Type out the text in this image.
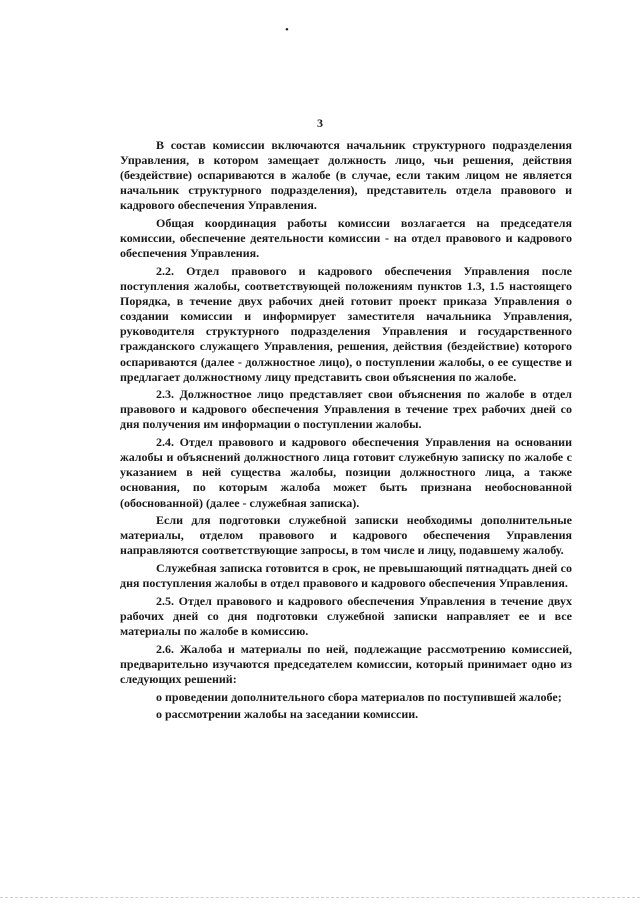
•
3

В состав комиссии включаются начальник структурного подразделения Управления, в котором замещает должность лицо, чьи решения, действия (бездействие) оспариваются в жалобе (в случае, если таким лицом не является начальник структурного подразделения), представитель отдела правового и кадрового обеспечения Управления.

Общая координация работы комиссии возлагается на председателя комиссии, обеспечение деятельности комиссии - на отдел правового и кадрового обеспечения Управления.

2.2. Отдел правового и кадрового обеспечения Управления после поступления жалобы, соответствующей положениям пунктов 1.3, 1.5 настоящего Порядка, в течение двух рабочих дней готовит проект приказа Управления о создании комиссии и информирует заместителя начальника Управления, руководителя структурного подразделения Управления и государственного гражданского служащего Управления, решения, действия (бездействие) которого оспариваются (далее - должностное лицо), о поступлении жалобы, о ее существе и предлагает должностному лицу представить свои объяснения по жалобе.

2.3. Должностное лицо представляет свои объяснения по жалобе в отдел правового и кадрового обеспечения Управления в течение трех рабочих дней со дня получения им информации о поступлении жалобы.

2.4. Отдел правового и кадрового обеспечения Управления на основании жалобы и объяснений должностного лица готовит служебную записку по жалобе с указанием в ней существа жалобы, позиции должностного лица, а также основания, по которым жалоба может быть признана необоснованной (обоснованной) (далее - служебная записка).

Если для подготовки служебной записки необходимы дополнительные материалы, отделом правового и кадрового обеспечения Управления направляются соответствующие запросы, в том числе и лицу, подавшему жалобу.

Служебная записка готовится в срок, не превышающий пятнадцать дней со дня поступления жалобы в отдел правового и кадрового обеспечения Управления.

2.5. Отдел правового и кадрового обеспечения Управления в течение двух рабочих дней со дня подготовки служебной записки направляет ее и все материалы по жалобе в комиссию.

2.6. Жалоба и материалы по ней, подлежащие рассмотрению комиссией, предварительно изучаются председателем комиссии, который принимает одно из следующих решений:

о проведении дополнительного сбора материалов по поступившей жалобе;

о рассмотрении жалобы на заседании комиссии.
